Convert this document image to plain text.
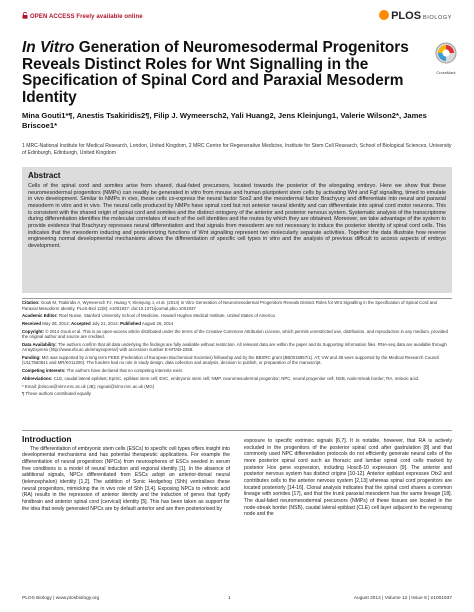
OPEN ACCESS Freely available online	PLOS BIOLOGY
In Vitro Generation of Neuromesodermal Progenitors Reveals Distinct Roles for Wnt Signalling in the Specification of Spinal Cord and Paraxial Mesoderm Identity
CrossMark
Mina Gouti1*¶, Anestis Tsakiridis2¶, Filip J. Wymeersch2, Yali Huang2, Jens Kleinjung1, Valerie Wilson2*, James Briscoe1*

1 MRC-National Institute for Medical Research, London, United Kingdom, 2 MRC Centre for Regenerative Medicine, Institute for Stem Cell Research, School of Biological Sciences, University of Edinburgh, Edinburgh, United Kingdom

Abstract
Cells of the spinal cord and somites arise from shared, dual-fated precursors, located towards the posterior of the elongating embryo. Here we show that these neuromesodermal progenitors (NMPs) can readily be generated in vitro from mouse and human pluripotent stem cells by activating Wnt and Fgf signalling, timed to emulate in vivo development. Similar to NMPs in vivo, these cells co-express the neural factor Sox2 and the mesodermal factor Brachyury and differentiate into neural and paraxial mesoderm in vitro and in vivo. The neural cells produced by NMPs have spinal cord but not anterior neural identity and can differentiate into spinal cord motor neurons. This is consistent with the shared origin of spinal cord and somites and the distinct ontogeny of the anterior and posterior nervous system. Systematic analysis of the transcriptome during differentiation identifies the molecular correlates of each of the cell identities and the routes by which they are obtained. Moreover, we take advantage of the system to provide evidence that Brachyury represses neural differentiation and that signals from mesoderm are not necessary to induce the posterior identity of spinal cord cells. This indicates that the mesoderm inducing and posteriorizing functions of Wnt signalling represent two molecularly separate activities. Together the data illustrate how reverse engineering normal developmental mechanisms allows the differentiation of specific cell types in vitro and the analysis of previous difficult to access aspects of embryo development.

Citation: Gouti M, Tsakiridis A, Wymeersch FJ, Huang Y, Kleinjung J, et al. (2014) In Vitro Generation of Neuromesodermal Progenitors Reveals Distinct Roles for Wnt Signalling in the Specification of Spinal Cord and Paraxial Mesoderm Identity. PLoS Biol 12(8): e1001937. doi:10.1371/journal.pbio.1001937

Academic Editor: Roel Nusse, Stanford University School of Medicine, Howard Hughes Medical Institute, United States of America

Received May 28, 2014; Accepted July 21, 2014; Published August 26, 2014

Copyright: © 2014 Gouti et al. This is an open-access article distributed under the terms of the Creative Commons Attribution License, which permits unrestricted use, distribution, and reproduction in any medium, provided the original author and source are credited.

Data Availability: The authors confirm that all data underlying the findings are fully available without restriction. All relevant data are within the paper and its Supporting Information files. RNA-seq data are available through ArrayExpress (http://www.ebi.ac.uk/arrayexpress/) with accession number E-MTAB-2268.

Funding: MG was supported by a long term FEBS (Federation of European Biochemical Societies) fellowship and by the BBSRC grant (BB/I015957/1). AT, VW and JB were supported by the Medical Research Council (U117560541 and MR/K011200). The funders had no role in study design, data collection and analysis, decision to publish, or preparation of the manuscript.

Competing interests: The authors have declared that no competing interests exist.

Abbreviations: CLE, caudal lateral epiblast; EpiSC, epiblast stem cell; ESC, embryonic stem cell; NMP, neuromesodermal progenitor; NPC, neural progenitor cell; NSB, node-streak border; RA, retinoic acid.

* Email: jbriscoe@nimr.mrc.ac.uk (JB); mgouti@nimr.mrc.ac.uk (MG)

¶ These authors contributed equally

Introduction

The differentiation of embryonic stem cells (ESCs) to specific cell types offers insight into developmental mechanisms and has potential therapeutic applications. For example the differentiation of neural progenitors (NPCs) from neurospheres of ESCs seeded in serum free conditions is a model of neural induction and regional identity [1]. In the absence of additional signals, NPCs differentiated from ESCs adopt an anterior-dorsal neural (telencephalon) identity [1,2]. The addition of Sonic Hedgehog (Shh) ventralises these neural progenitors, mimicking the in vivo role of Shh [3,4]. Exposing NPCs to retinoic acid (RA) results in the repression of anterior identity and the induction of genes that typify hindbrain and anterior spinal cord (cervical) identity [5]. This has been taken as support for the idea that newly generated NPCs are by default anterior and are then posteriorised by

exposure to specific extrinsic signals [6,7]. It is notable, however, that RA is actively excluded in the progenitors of the posterior spinal cord after gastrulation [8] and that commonly used NPC differentiation protocols do not efficiently generate neural cells of the more posterior spinal cord such as thoracic and lumbar spinal cord cells marked by posterior Hox gene expression, including Hoxc8-10 expression [9]. The anterior and posterior nervous system has distinct origins [10-12]. Anterior epiblast expresses Otx2 and contributes cells to the anterior nervous system [2,13] whereas spinal cord progenitors are located posteriorly [14-16]. Clonal analysis indicates that the spinal cord shares a common lineage with somites [17], and that the trunk paraxial mesoderm has the same lineage [18]. The dual-fated neuromesodermal precursors (NMPs) of these tissues are located in the node-streak border (NSB), caudal lateral epiblast (CLE) cell layer adjacent to the regressing node and the

PLOS Biology | www.plosbiology.org	1	August 2014 | Volume 12 | Issue 8 | e1001937
